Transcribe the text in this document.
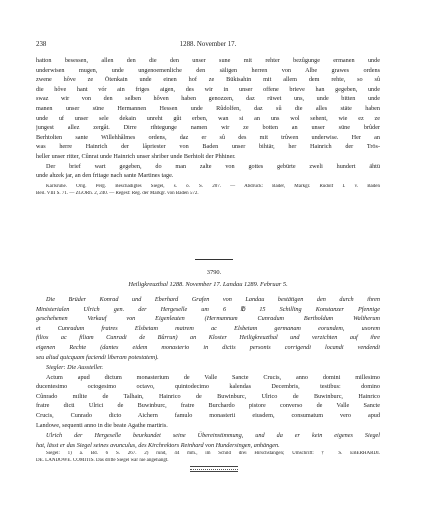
238	1288. November 17.
hatton besessen, allen den die den unser sune mit rehter bezûgunge ermanen unde
underwisen mugen, unde ungenoemenliche den säligen herren von Albe grawes ordens
zwene hôve ze Ötenkain unde einen hof ze Bükisahin mit allem dem rehte, so sû
die hôve hant vór ain friges aigen, des wir in unser offene brieve han gegeben, unde
swaz wir von den selben hôven haben genozzen, daz rüwet uns, unde bitten unde
manen unser süne Hermannen Hessen unde Rûdolfen, daz sû die alles stäte haben
unde uf unser sele dekain unreht gût erben, wan si an uns wol sehent, wie ez ze
jungest allez zergât. Dirre rihtegunge namen wir ze botten an unser süne brûder
Berhtolten sante Willehhâlmes ordens, daz er sû des mit trûwen underwise. Her an
was herre Hainrich der låpriester von Baden unser bihtär, her Hainrich der Trös-
heller unser ritter, Cûnrat unde Hainrich unser shriber unde Berhtolt der Phhiner.
Der brief wart gegeben, do man zalte von gottes gebürte zweli hundert ähtü
unde ahzek jar, an den fritage nach sante Martines tage.
Karlsruhe. Orig. Perg. Beschädigtes Siegel, s. o. S. 207. — Abdruck: Bader, Markgr. Rudolf I. v. Baden
Beil. VIII S. 71. — ZGORh. 2, 240. — Regest: Reg. der Markgr. von Baden 572.
3790.
Heiligkreuzthal 1288. November 17. Landau 1289. Februar 5.
Die Brüder Konrad und Eberhard Grafen von Landau bestätigen den durch ihren
Ministerialen Ulrich gen. der Hergeselle um 6 ℔ 15 Schilling Konstanzer Pfennige
geschehenen Verkauf von Eigenleuten (Hermannum Cunradum Bertholdum Waltherum
et Cunradum fratres Elsbetam matrem ac Elsbetam germanam eorundem, uxorem
filios ac filiam Cunradi de Bûrrun) an Kloster Heiligkreuzthal und verzichten auf ihre
eigenen Rechte (dantes eidem monasterio in dictis personis corrigendi locandi vendendi
seu aliud quicquam faciendi liberam potestatem).
Siegler: Die Aussteller.
Actum apud dictum monasterium de Valle Sancte Crucis, anno domini millesimo
ducentesimo octogesimo octavo, quintodecimo kalendas Decembris, testibus: domino
Cûnrado milite de Talhain, Hainrico de Buwinburc, Ulrico de Buwinburc, Hainrico
fratre dicti Ulrici de Buwinburc, fratre Burchardo pistore converso de Valle Sancte
Crucis, Cunrado dicto Aichern famulo monasterii eiusdem, consumatum vero apud
Landowe, sequenti anno in die beate Agathe martiris.
Ulrich der Hergeselle beurkundet seine Übereinstimmung, und da er kein eigenes Siegel
hat, lässt er das Siegel seines avunculus, des Kirchrektors Reinhard von Hundersingen, anhängen.
Siegel: 1) a. Bd. 6 S. 267. 2) rund, 44 mm., im Schild drei Hirschstangen; Umschrift: † S. EBERHARDI.
DE. LANDOWE. COMITIS. Das dritte Siegel war nie angehängt.
